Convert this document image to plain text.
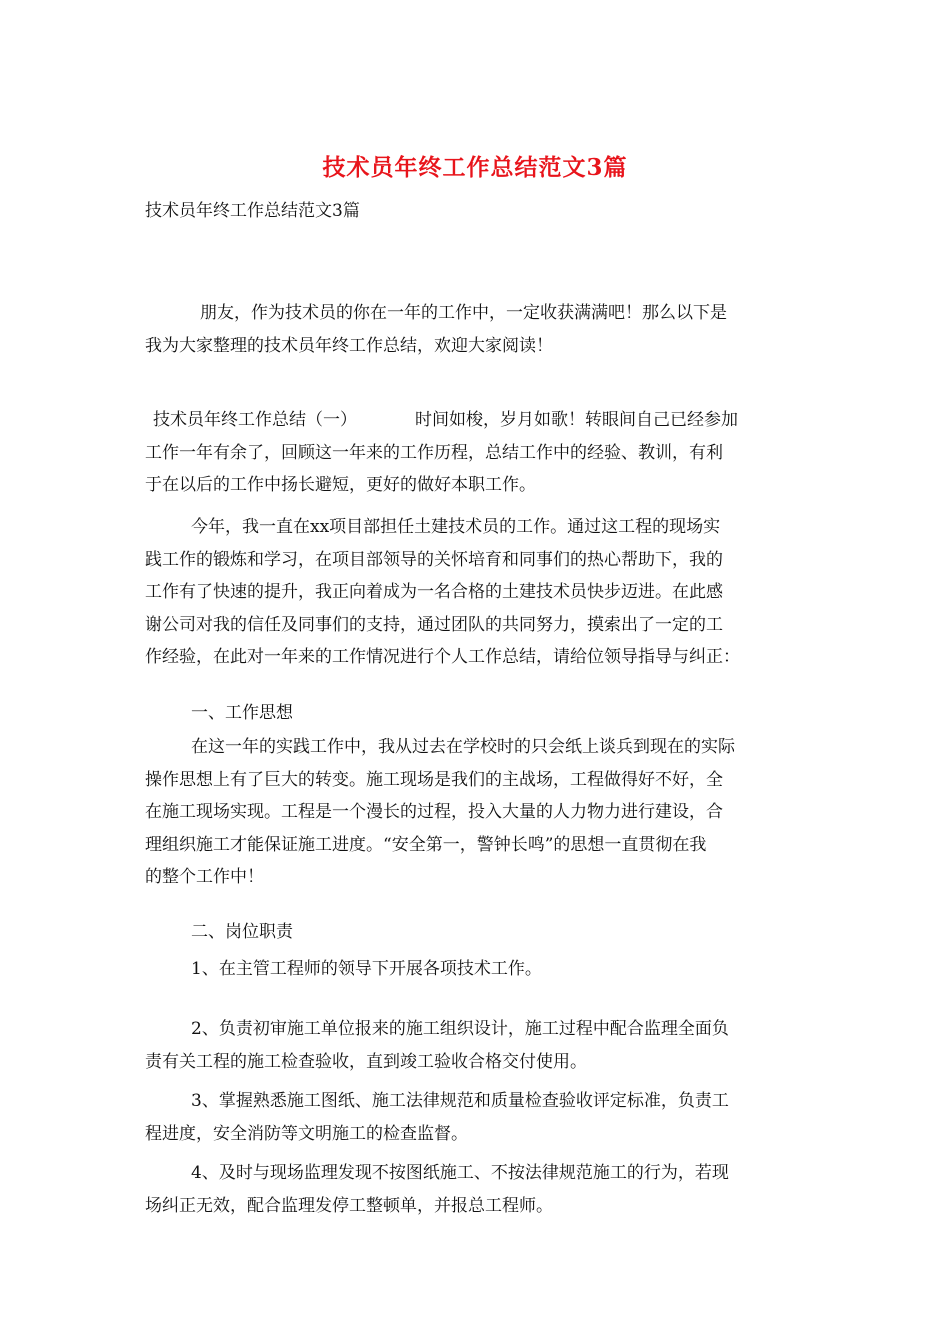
技术员年终工作总结范文3篇

技术员年终工作总结范文3篇

朋友，作为技术员的你在一年的工作中，一定收获满满吧！那么以下是
我为大家整理的技术员年终工作总结，欢迎大家阅读！

技术员年终工作总结（一）	时间如梭，岁月如歌！转眼间自己已经参加
工作一年有余了，回顾这一年来的工作历程，总结工作中的经验、教训，有利
于在以后的工作中扬长避短，更好的做好本职工作。

今年，我一直在xx项目部担任土建技术员的工作。通过这工程的现场实
践工作的锻炼和学习，在项目部领导的关怀培育和同事们的热心帮助下，我的
工作有了快速的提升，我正向着成为一名合格的土建技术员快步迈进。在此感
谢公司对我的信任及同事们的支持，通过团队的共同努力，摸索出了一定的工
作经验，在此对一年来的工作情况进行个人工作总结，请给位领导指导与纠正：

一、工作思想

在这一年的实践工作中，我从过去在学校时的只会纸上谈兵到现在的实际
操作思想上有了巨大的转变。施工现场是我们的主战场，工程做得好不好，全
在施工现场实现。工程是一个漫长的过程，投入大量的人力物力进行建设，合
理组织施工才能保证施工进度。“安全第一，警钟长鸣”的思想一直贯彻在我
的整个工作中！

二、岗位职责

1、在主管工程师的领导下开展各项技术工作。

2、负责初审施工单位报来的施工组织设计，施工过程中配合监理全面负
责有关工程的施工检查验收，直到竣工验收合格交付使用。

3、掌握熟悉施工图纸、施工法律规范和质量检查验收评定标准，负责工
程进度，安全消防等文明施工的检查监督。

4、及时与现场监理发现不按图纸施工、不按法律规范施工的行为，若现
场纠正无效，配合监理发停工整顿单，并报总工程师。
